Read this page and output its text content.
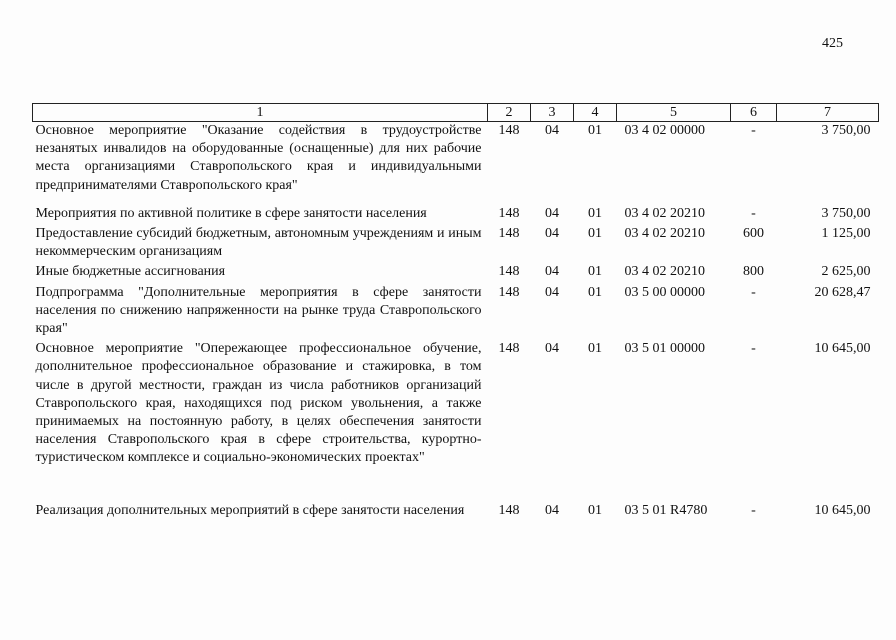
425
1	2	3	4	5	6	7
Основное мероприятие "Оказание содействия в трудоустройстве незанятых инвалидов на оборудованные (оснащенные) для них рабочие места организациями Ставропольского края и индивидуальными предпринимателями Ставропольского края"	148	04	01	03 4 02 00000	-	3 750,00
Мероприятия по активной политике в сфере занятости населения	148	04	01	03 4 02 20210	-	3 750,00
Предоставление субсидий бюджетным, автономным учреждениям и иным некоммерческим организациям	148	04	01	03 4 02 20210	600	1 125,00
Иные бюджетные ассигнования	148	04	01	03 4 02 20210	800	2 625,00
Подпрограмма "Дополнительные мероприятия в сфере занятости населения по снижению напряженности на рынке труда Ставропольского края"	148	04	01	03 5 00 00000	-	20 628,47
Основное мероприятие "Опережающее профессиональное обучение, дополнительное профессиональное образование и стажировка, в том числе в другой местности, граждан из числа работников организаций Ставропольского края, находящихся под риском увольнения, а также принимаемых на постоянную работу, в целях обеспечения занятости населения Ставропольского края в сфере строительства, курортно-туристическом комплексе и социально-экономических проектах"	148	04	01	03 5 01 00000	-	10 645,00
Реализация дополнительных мероприятий в сфере занятости населения	148	04	01	03 5 01 R4780	-	10 645,00
